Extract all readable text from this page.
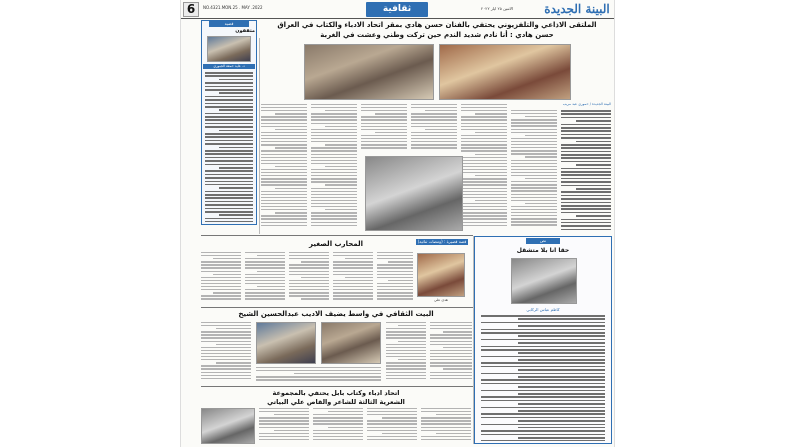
6	NO.4321.MON.25 . MAY .2022	ثقافية	الاثنين ٢٥ ايار ٢٠٢٢	البينة الجديدة
الملتقى الاذاعي والتلفزيوني يحتفي بالفنان حسن هادي بمقر اتحاد الادباء والكتاب في العراق
حسن هادي : أنا نادم شديد الندم حين تركت وطني وعشت في الغربة
قضية
مثقفون
د. عايد حمعة الجبوري
البينة الجديدة / حموري عبد مريب
(ومضات ثنائية) : قصة قصيرة
المحارب الصغير
هدى علي
البيت الثقافي في واسط يضيف الاديب عبدالحسين الشيخ
اتحاد ادباء وكتاب بابل يحتفي بالمجموعة
الشعرية الثالثة للشاعر والقاص علي البياتي
نص
حقا انا بلا متشقل
كاظم عباس الركابي
